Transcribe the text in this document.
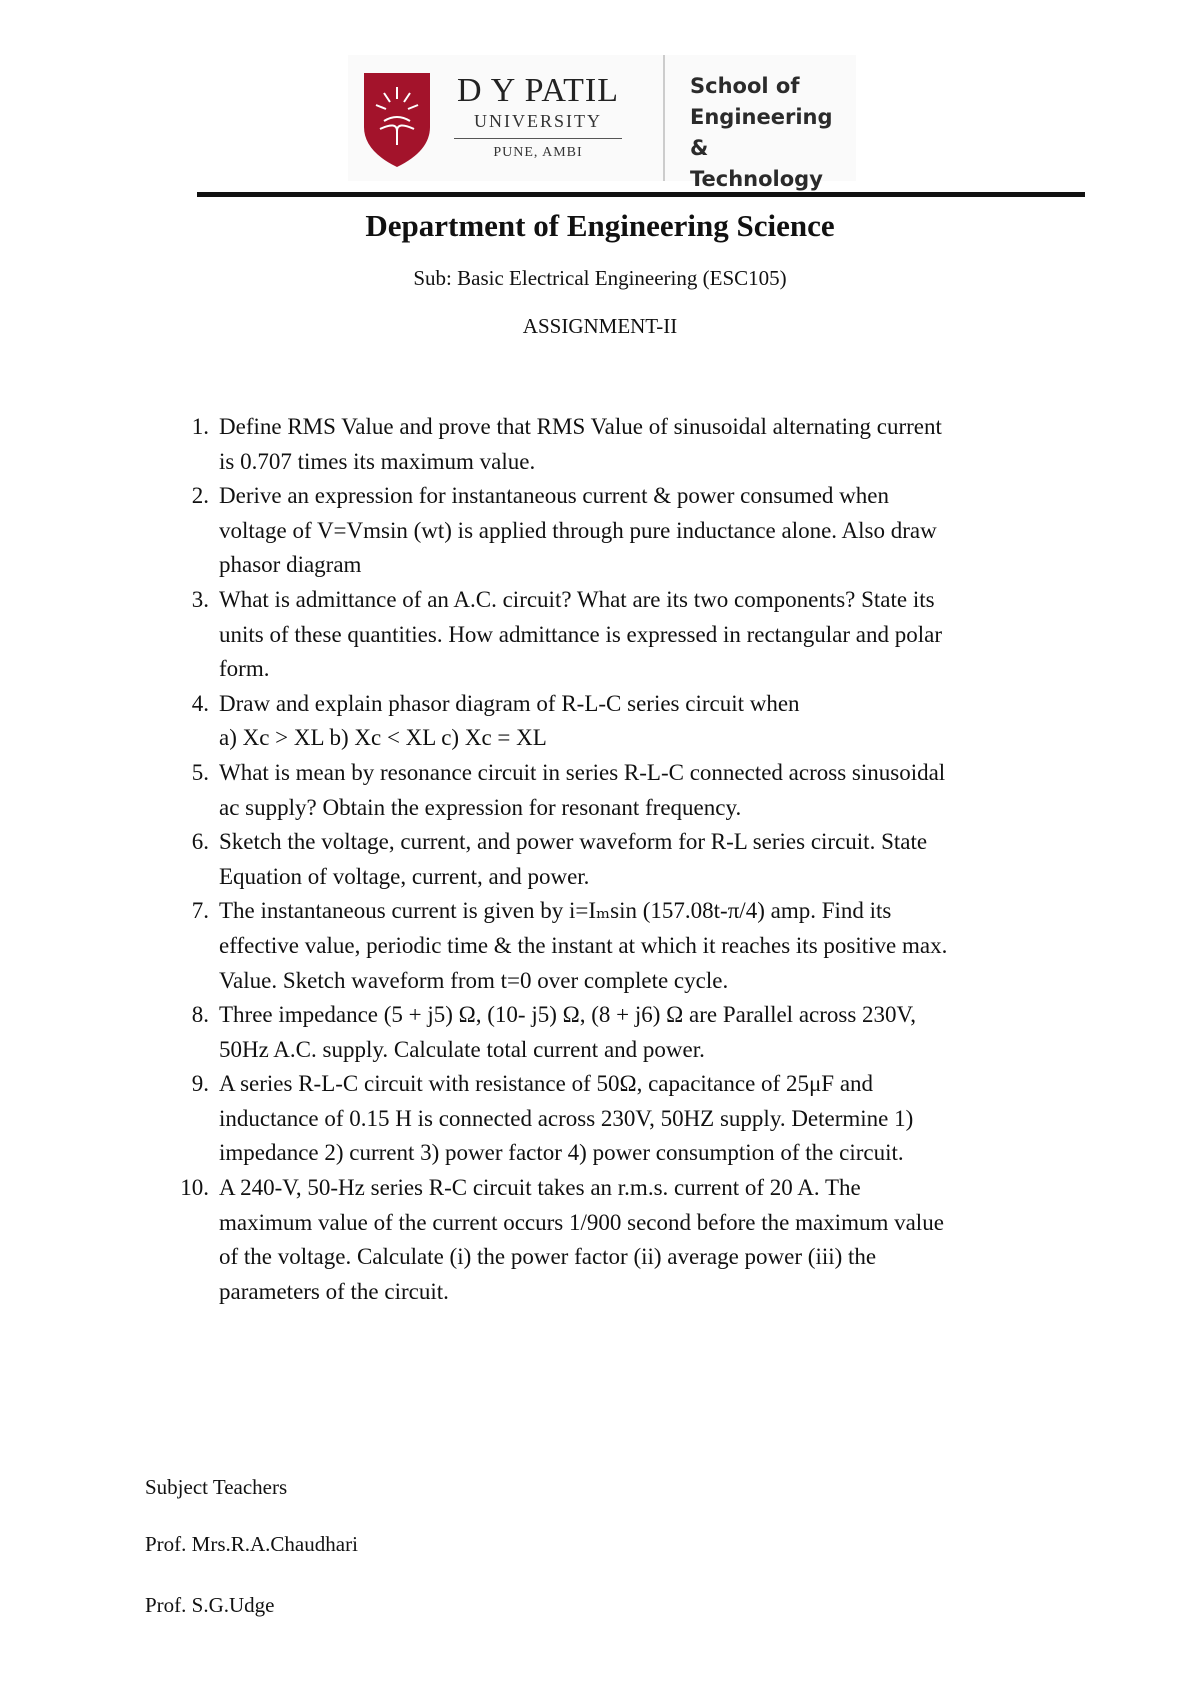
D Y PATIL
UNIVERSITY
PUNE, AMBI
School of
Engineering &
Technology
Department of Engineering Science
Sub: Basic Electrical Engineering (ESC105)
ASSIGNMENT-II
1. Define RMS Value and prove that RMS Value of sinusoidal alternating current
is 0.707 times its maximum value.
2. Derive an expression for instantaneous current & power consumed when
voltage of V=Vmsin (wt) is applied through pure inductance alone. Also draw
phasor diagram
3. What is admittance of an A.C. circuit? What are its two components? State its
units of these quantities. How admittance is expressed in rectangular and polar
form.
4. Draw and explain phasor diagram of R-L-C series circuit when
a) Xc > XL b) Xc < XL c) Xc = XL
5. What is mean by resonance circuit in series R-L-C connected across sinusoidal
ac supply? Obtain the expression for resonant frequency.
6. Sketch the voltage, current, and power waveform for R-L series circuit. State
Equation of voltage, current, and power.
7. The instantaneous current is given by i=Iₘsin (157.08t-π/4) amp. Find its
effective value, periodic time & the instant at which it reaches its positive max.
Value. Sketch waveform from t=0 over complete cycle.
8. Three impedance (5 + j5) Ω, (10- j5) Ω, (8 + j6) Ω are Parallel across 230V,
50Hz A.C. supply. Calculate total current and power.
9. A series R-L-C circuit with resistance of 50Ω, capacitance of 25μF and
inductance of 0.15 H is connected across 230V, 50HZ supply. Determine 1)
impedance 2) current 3) power factor 4) power consumption of the circuit.
10. A 240-V, 50-Hz series R-C circuit takes an r.m.s. current of 20 A. The
maximum value of the current occurs 1/900 second before the maximum value
of the voltage. Calculate (i) the power factor (ii) average power (iii) the
parameters of the circuit.
Subject Teachers
Prof. Mrs.R.A.Chaudhari
Prof. S.G.Udge
